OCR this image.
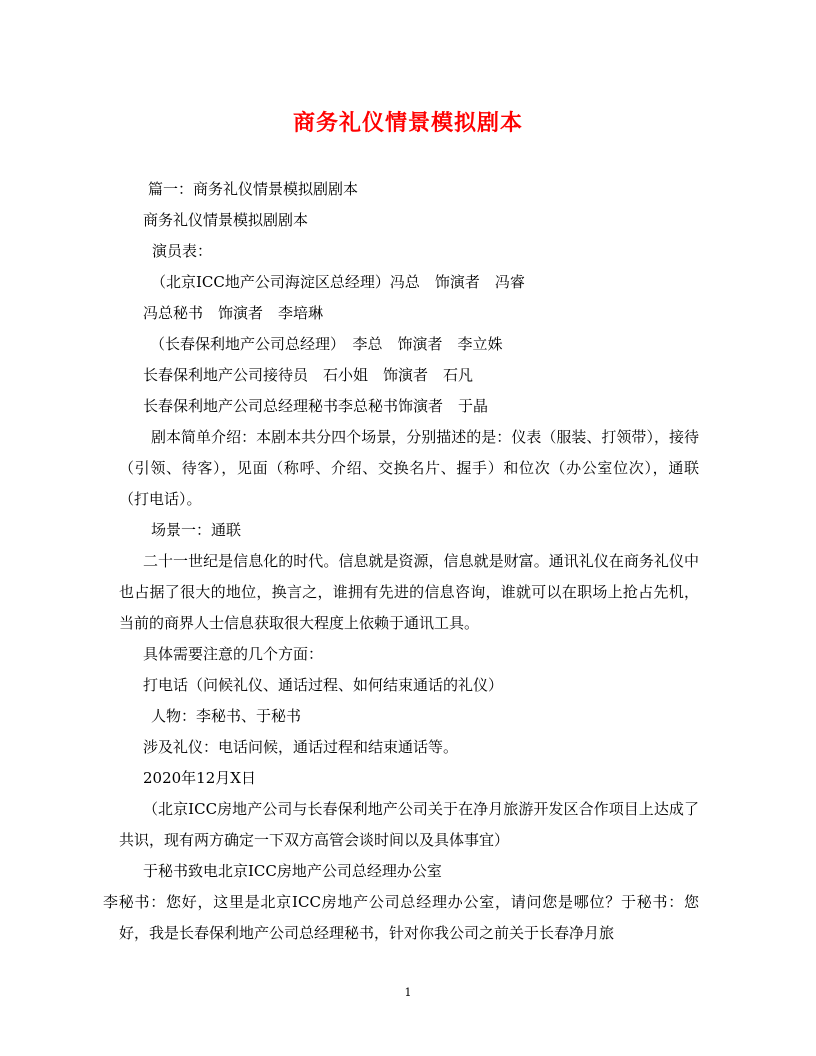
商务礼仪情景模拟剧本

篇一：商务礼仪情景模拟剧剧本

商务礼仪情景模拟剧剧本

演员表：

（北京ICC地产公司海淀区总经理）冯总　饰演者　冯睿

冯总秘书　饰演者　李培琳

（长春保利地产公司总经理）　李总　饰演者　李立姝

长春保利地产公司接待员　石小姐　饰演者　石凡

长春保利地产公司总经理秘书李总秘书饰演者　于晶

剧本简单介绍：本剧本共分四个场景，分别描述的是：仪表（服装、打领带），接待（引领、待客），见面（称呼、介绍、交换名片、握手）和位次（办公室位次），通联（打电话）。

场景一：通联

二十一世纪是信息化的时代。信息就是资源，信息就是财富。通讯礼仪在商务礼仪中也占据了很大的地位，换言之，谁拥有先进的信息咨询，谁就可以在职场上抢占先机，当前的商界人士信息获取很大程度上依赖于通讯工具。

具体需要注意的几个方面：

打电话（问候礼仪、通话过程、如何结束通话的礼仪）

人物：李秘书、于秘书

涉及礼仪：电话问候，通话过程和结束通话等。

2020年12月X日

（北京ICC房地产公司与长春保利地产公司关于在净月旅游开发区合作项目上达成了共识，现有两方确定一下双方高管会谈时间以及具体事宜）

于秘书致电北京ICC房地产公司总经理办公室

李秘书：您好，这里是北京ICC房地产公司总经理办公室，请问您是哪位？于秘书：您好，我是长春保利地产公司总经理秘书，针对你我公司之前关于长春净月旅

1
